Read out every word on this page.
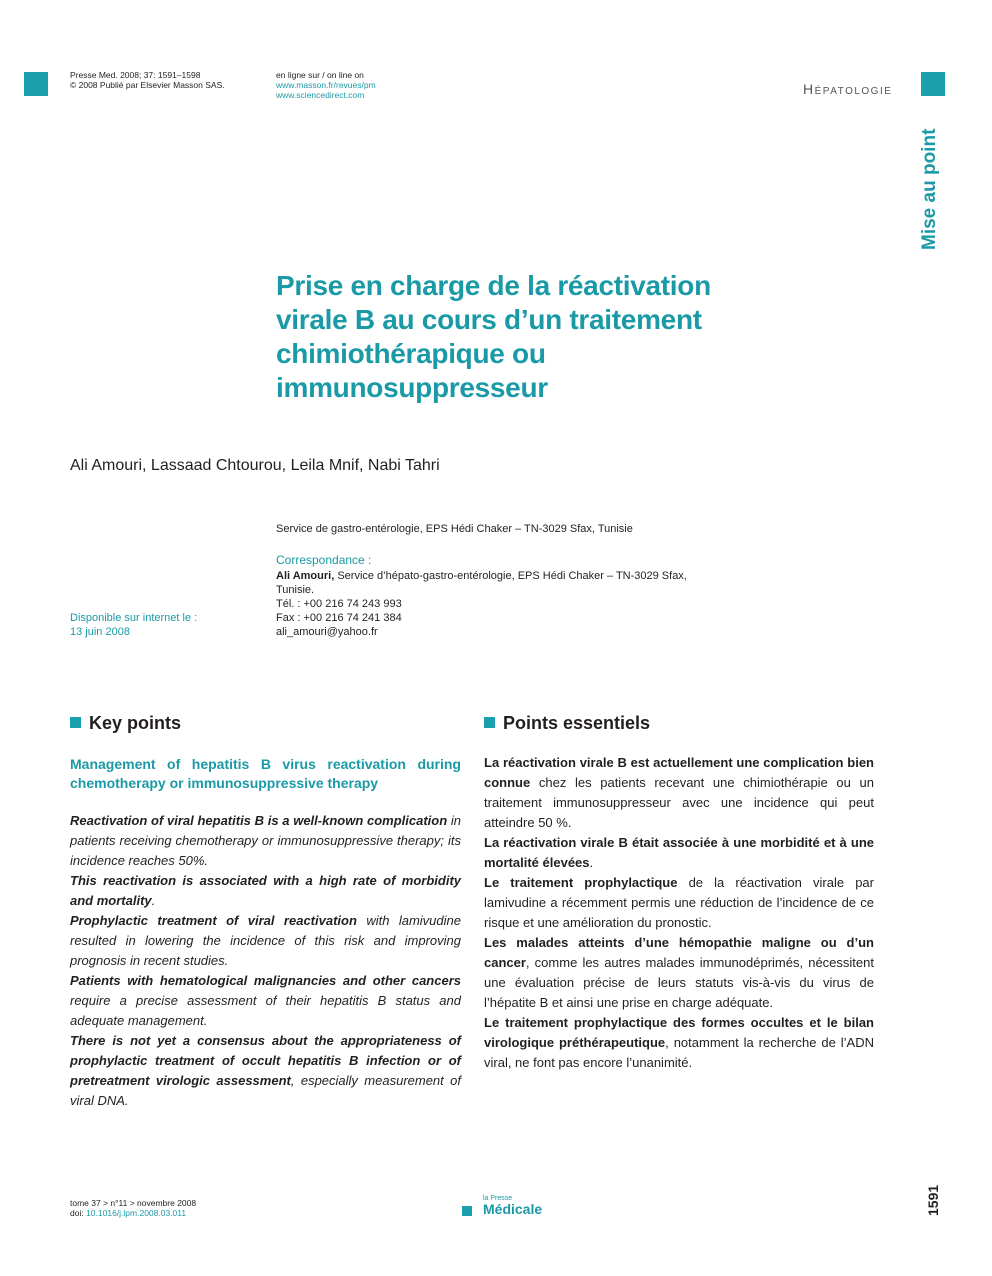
Presse Med. 2008; 37: 1591–1598
© 2008 Publié par Elsevier Masson SAS.
en ligne sur / on line on
www.masson.fr/revues/pm
www.sciencedirect.com	Hépatologie
Mise au point
Prise en charge de la réactivation
virale B au cours d’un traitement
chimiothérapique ou
immunosuppresseur
Ali Amouri, Lassaad Chtourou, Leila Mnif, Nabi Tahri
Service de gastro-entérologie, EPS Hédi Chaker – TN-3029 Sfax, Tunisie
Correspondance :
Ali Amouri, Service d’hépato-gastro-entérologie, EPS Hédi Chaker – TN-3029 Sfax,
Tunisie.
Tél. : +00 216 74 243 993
Fax : +00 216 74 241 384
ali_amouri@yahoo.fr
Disponible sur internet le :
13 juin 2008
Key points
Management of hepatitis B virus reactivation during chemotherapy or immunosuppressive therapy

Reactivation of viral hepatitis B is a well-known complication in patients receiving chemotherapy or immunosuppressive therapy; its incidence reaches 50%.

This reactivation is associated with a high rate of morbidity and mortality.

Prophylactic treatment of viral reactivation with lamivudine resulted in lowering the incidence of this risk and improving prognosis in recent studies.

Patients with hematological malignancies and other cancers require a precise assessment of their hepatitis B status and adequate management.

There is not yet a consensus about the appropriateness of prophylactic treatment of occult hepatitis B infection or of pretreatment virologic assessment, especially measurement of viral DNA.

Points essentiels

La réactivation virale B est actuellement une complication bien connue chez les patients recevant une chimiothérapie ou un traitement immunosuppresseur avec une incidence qui peut atteindre 50 %.

La réactivation virale B était associée à une morbidité et à une mortalité élevées.

Le traitement prophylactique de la réactivation virale par lamivudine a récemment permis une réduction de l’incidence de ce risque et une amélioration du pronostic.

Les malades atteints d’une hémopathie maligne ou d’un cancer, comme les autres malades immunodéprimés, nécessitent une évaluation précise de leurs statuts vis-à-vis du virus de l’hépatite B et ainsi une prise en charge adéquate.

Le traitement prophylactique des formes occultes et le bilan virologique préthérapeutique, notamment la recherche de l’ADN viral, ne font pas encore l’unanimité.

tome 37 > n°11 > novembre 2008
doi: 10.1016/j.lpm.2008.03.011
la Presse
Médicale	1591
